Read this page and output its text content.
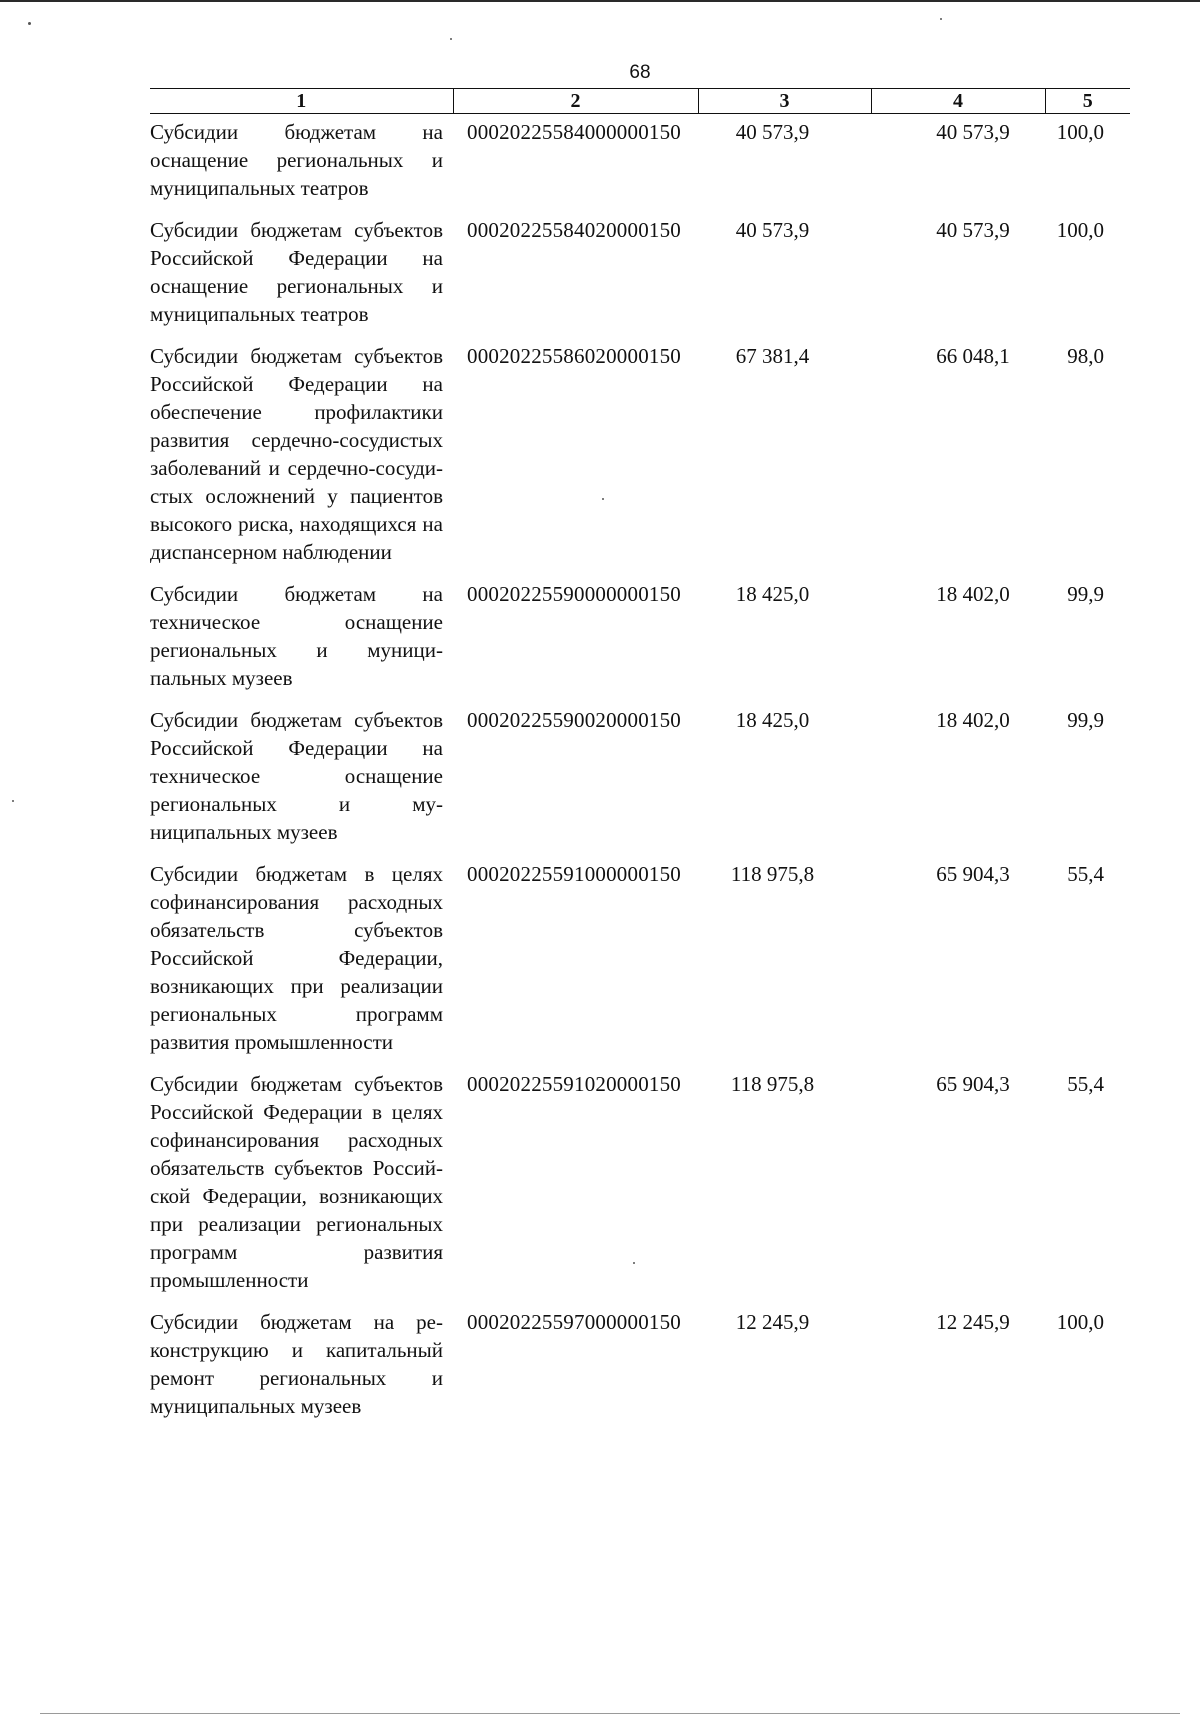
68
1	2	3	4	5
Субсидии бюджетам на оснащение региональных и муниципальных театров	00020225584000000150	40 573,9	40 573,9	100,0
Субсидии бюджетам субъектов Российской Федерации на оснащение региональных и муниципальных театров	00020225584020000150	40 573,9	40 573,9	100,0
Субсидии бюджетам субъектов Российской Федерации на обеспечение профилактики развития сердечно-сосудистых заболеваний и сердечно-сосудистых осложнений у пациентов высокого риска, находящихся на диспансерном наблюдении	00020225586020000150	67 381,4	66 048,1	98,0
Субсидии бюджетам на техническое оснащение региональных и муниципальных музеев	00020225590000000150	18 425,0	18 402,0	99,9
Субсидии бюджетам субъектов Российской Федерации на техническое оснащение региональных и муниципальных музеев	00020225590020000150	18 425,0	18 402,0	99,9
Субсидии бюджетам в целях софинансирования расходных обязательств субъектов Российской Федерации, возникающих при реализации региональных программ развития промышленности	00020225591000000150	118 975,8	65 904,3	55,4
Субсидии бюджетам субъектов Российской Федерации в целях софинансирования расходных обязательств субъектов Российской Федерации, возникающих при реализации региональных программ развития промышленности	00020225591020000150	118 975,8	65 904,3	55,4
Субсидии бюджетам на реконструкцию и капитальный ремонт региональных и муниципальных музеев	00020225597000000150	12 245,9	12 245,9	100,0
